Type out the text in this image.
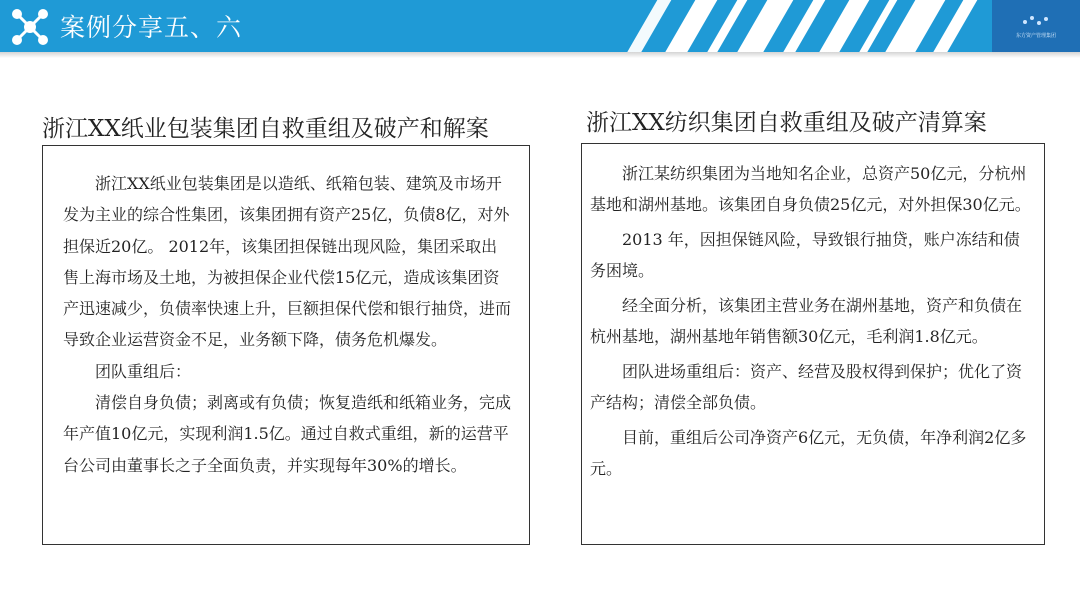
案例分享五、六	东方资产管理集团
浙江XX纸业包装集团自救重组及破产和解案

浙江XX纸业包装集团是以造纸、纸箱包装、建筑及市场开发为主业的综合性集团，该集团拥有资产25亿，负债8亿，对外担保近20亿。 2012年，该集团担保链出现风险，集团采取出售上海市场及土地，为被担保企业代偿15亿元，造成该集团资产迅速减少，负债率快速上升，巨额担保代偿和银行抽贷，进而导致企业运营资金不足，业务额下降，债务危机爆发。

团队重组后：

清偿自身负债；剥离或有负债；恢复造纸和纸箱业务，完成年产值10亿元，实现利润1.5亿。通过自救式重组，新的运营平台公司由董事长之子全面负责，并实现每年30%的增长。

浙江XX纺织集团自救重组及破产清算案

浙江某纺织集团为当地知名企业，总资产50亿元，分杭州基地和湖州基地。该集团自身负债25亿元，对外担保30亿元。

2013 年，因担保链风险，导致银行抽贷，账户冻结和债务困境。

经全面分析，该集团主营业务在湖州基地，资产和负债在杭州基地，湖州基地年销售额30亿元，毛利润1.8亿元。

团队进场重组后：资产、经营及股权得到保护；优化了资产结构；清偿全部负债。

目前，重组后公司净资产6亿元，无负债，年净利润2亿多元。
